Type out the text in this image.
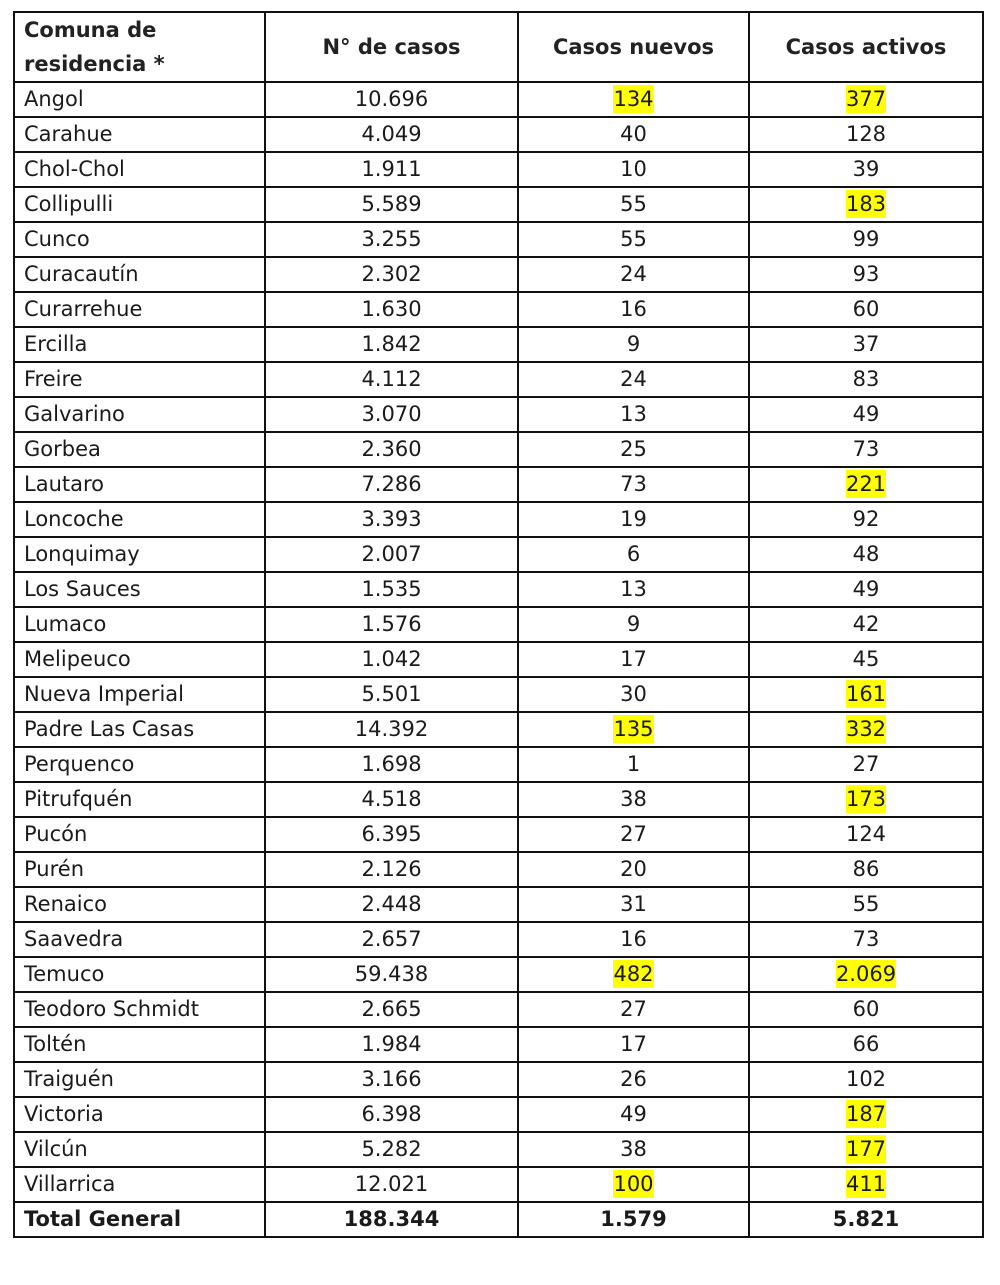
Comuna de residencia *	N° de casos	Casos nuevos	Casos activos
Angol	10.696	134	377
Carahue	4.049	40	128
Chol-Chol	1.911	10	39
Collipulli	5.589	55	183
Cunco	3.255	55	99
Curacautín	2.302	24	93
Curarrehue	1.630	16	60
Ercilla	1.842	9	37
Freire	4.112	24	83
Galvarino	3.070	13	49
Gorbea	2.360	25	73
Lautaro	7.286	73	221
Loncoche	3.393	19	92
Lonquimay	2.007	6	48
Los Sauces	1.535	13	49
Lumaco	1.576	9	42
Melipeuco	1.042	17	45
Nueva Imperial	5.501	30	161
Padre Las Casas	14.392	135	332
Perquenco	1.698	1	27
Pitrufquén	4.518	38	173
Pucón	6.395	27	124
Purén	2.126	20	86
Renaico	2.448	31	55
Saavedra	2.657	16	73
Temuco	59.438	482	2.069
Teodoro Schmidt	2.665	27	60
Toltén	1.984	17	66
Traiguén	3.166	26	102
Victoria	6.398	49	187
Vilcún	5.282	38	177
Villarrica	12.021	100	411
Total General	188.344	1.579	5.821
